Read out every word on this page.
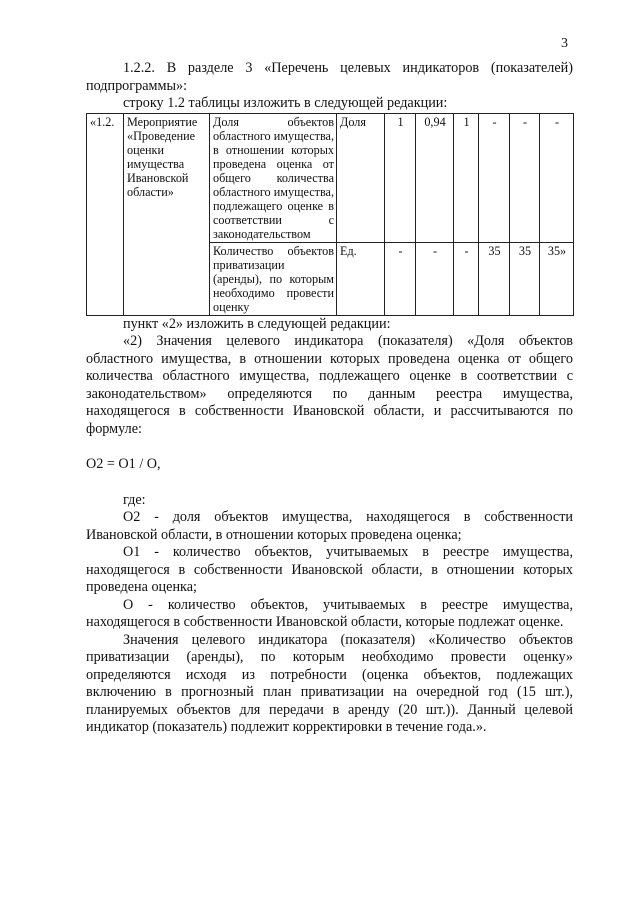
3

1.2.2. В разделе 3 «Перечень целевых индикаторов (показателей) подпрограммы»:

строку 1.2 таблицы изложить в следующей редакции:

«1.2.	Мероприятие «Проведение оценки имущества Ивановской области»	Доля объектов областного имущества, в отношении которых проведена оценка от общего количества областного имущества, подлежащего оценке в соответствии с законодательством	Доля	1	0,94	1	-	-	-
		Количество объектов приватизации (аренды), по которым необходимо провести оценку	Ед.	-	-	-	35	35	35»

пункт «2» изложить в следующей редакции:

«2) Значения целевого индикатора (показателя) «Доля объектов областного имущества, в отношении которых проведена оценка от общего количества областного имущества, подлежащего оценке в соответствии с законодательством» определяются по данным реестра имущества, находящегося в собственности Ивановской области, и рассчитываются по формуле:

О2 = О1 / О,

где:

О2 - доля объектов имущества, находящегося в собственности Ивановской области, в отношении которых проведена оценка;

О1 - количество объектов, учитываемых в реестре имущества, находящегося в собственности Ивановской области, в отношении которых проведена оценка;

О - количество объектов, учитываемых в реестре имущества, находящегося в собственности Ивановской области, которые подлежат оценке.

Значения целевого индикатора (показателя) «Количество объектов приватизации (аренды), по которым необходимо провести оценку» определяются исходя из потребности (оценка объектов, подлежащих включению в прогнозный план приватизации на очередной год (15 шт.), планируемых объектов для передачи в аренду (20 шт.)). Данный целевой индикатор (показатель) подлежит корректировки в течение года.».
